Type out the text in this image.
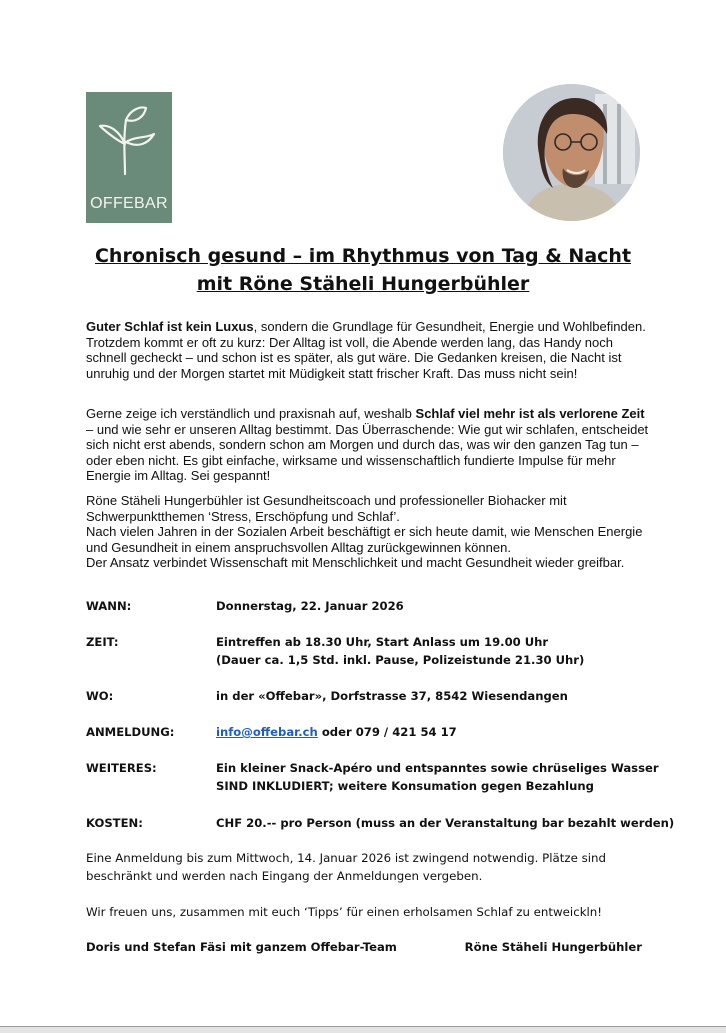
OFFEBAR
Chronisch gesund – im Rhythmus von Tag & Nacht
mit Röne Stäheli Hungerbühler
Guter Schlaf ist kein Luxus, sondern die Grundlage für Gesundheit, Energie und Wohlbefinden. Trotzdem kommt er oft zu kurz: Der Alltag ist voll, die Abende werden lang, das Handy noch schnell gecheckt – und schon ist es später, als gut wäre. Die Gedanken kreisen, die Nacht ist unruhig und der Morgen startet mit Müdigkeit statt frischer Kraft. Das muss nicht sein!
Gerne zeige ich verständlich und praxisnah auf, weshalb Schlaf viel mehr ist als verlorene Zeit – und wie sehr er unseren Alltag bestimmt. Das Überraschende: Wie gut wir schlafen, entscheidet sich nicht erst abends, sondern schon am Morgen und durch das, was wir den ganzen Tag tun – oder eben nicht. Es gibt einfache, wirksame und wissenschaftlich fundierte Impulse für mehr Energie im Alltag. Sei gespannt!
Röne Stäheli Hungerbühler ist Gesundheitscoach und professioneller Biohacker mit Schwerpunktthemen ‘Stress, Erschöpfung und Schlaf’.
Nach vielen Jahren in der Sozialen Arbeit beschäftigt er sich heute damit, wie Menschen Energie und Gesundheit in einem anspruchsvollen Alltag zurückgewinnen können.
Der Ansatz verbindet Wissenschaft mit Menschlichkeit und macht Gesundheit wieder greifbar.
WANN:	Donnerstag, 22. Januar 2026
ZEIT:	Eintreffen ab 18.30 Uhr, Start Anlass um 19.00 Uhr
(Dauer ca. 1,5 Std. inkl. Pause, Polizeistunde 21.30 Uhr)
WO:	in der «Offebar», Dorfstrasse 37, 8542 Wiesendangen
ANMELDUNG:	info@offebar.ch oder 079 / 421 54 17
WEITERES:	Ein kleiner Snack-Apéro und entspanntes sowie chrüseliges Wasser
SIND INKLUDIERT; weitere Konsumation gegen Bezahlung
KOSTEN:	CHF 20.-- pro Person (muss an der Veranstaltung bar bezahlt werden)
Eine Anmeldung bis zum Mittwoch, 14. Januar 2026 ist zwingend notwendig. Plätze sind beschränkt und werden nach Eingang der Anmeldungen vergeben.
Wir freuen uns, zusammen mit euch ‘Tipps’ für einen erholsamen Schlaf zu entweickln!
Doris und Stefan Fäsi mit ganzem Offebar-Team	Röne Stäheli Hungerbühler
